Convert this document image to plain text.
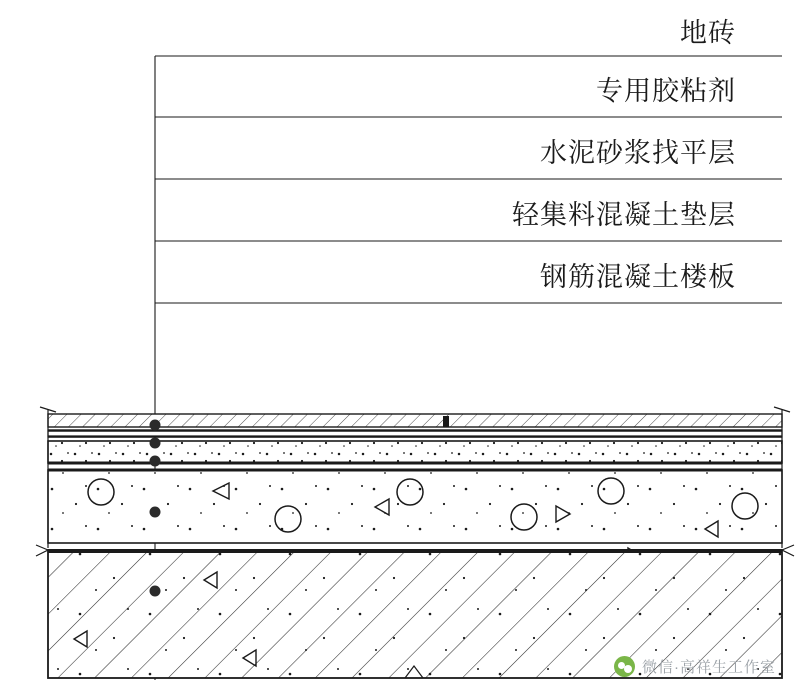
地砖
专用胶粘剂
水泥砂浆找平层
轻集料混凝土垫层
钢筋混凝土楼板
微信·高祥生工作室
